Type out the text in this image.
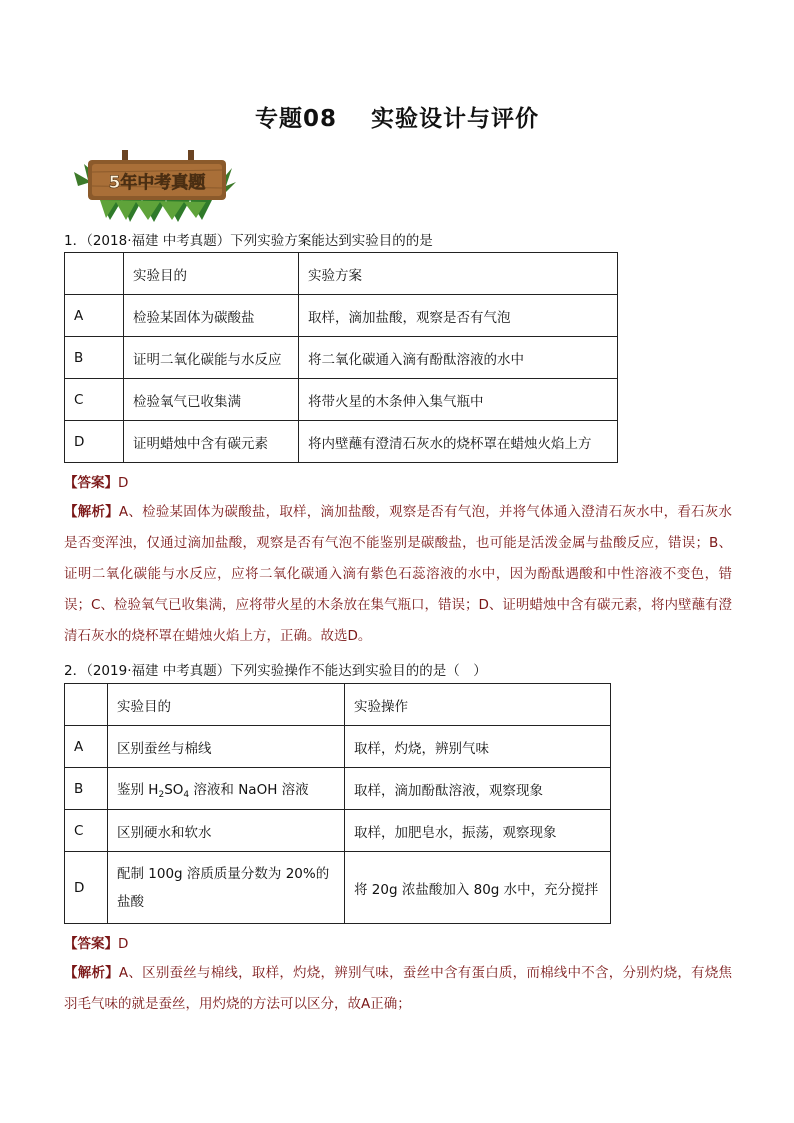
专题08 实验设计与评价
5年中考真题
1．（2018·福建 中考真题）下列实验方案能达到实验目的的是
	实验目的	实验方案
A	检验某固体为碳酸盐	取样，滴加盐酸，观察是否有气泡
B	证明二氧化碳能与水反应	将二氧化碳通入滴有酚酞溶液的水中
C	检验氧气已收集满	将带火星的木条伸入集气瓶中
D	证明蜡烛中含有碳元素	将内壁蘸有澄清石灰水的烧杯罩在蜡烛火焰上方
【答案】D
【解析】A、检验某固体为碳酸盐，取样，滴加盐酸，观察是否有气泡，并将气体通入澄清石灰水中，看石灰水是否变浑浊，仅通过滴加盐酸，观察是否有气泡不能鉴别是碳酸盐，也可能是活泼金属与盐酸反应，错误；B、证明二氧化碳能与水反应，应将二氧化碳通入滴有紫色石蕊溶液的水中，因为酚酞遇酸和中性溶液不变色，错误；C、检验氧气已收集满，应将带火星的木条放在集气瓶口，错误；D、证明蜡烛中含有碳元素，将内壁蘸有澄清石灰水的烧杯罩在蜡烛火焰上方，正确。故选D。
2．（2019·福建 中考真题）下列实验操作不能达到实验目的的是（　）
	实验目的	实验操作
A	区别蚕丝与棉线	取样，灼烧，辨别气味
B	鉴别 $H_2SO_4$ 溶液和 NaOH 溶液	取样，滴加酚酞溶液，观察现象
C	区别硬水和软水	取样，加肥皂水，振荡，观察现象
D	配制 100g 溶质质量分数为 20%的盐酸	将 20g 浓盐酸加入 80g 水中，充分搅拌
【答案】D
【解析】A、区别蚕丝与棉线，取样，灼烧，辨别气味，蚕丝中含有蛋白质，而棉线中不含，分别灼烧，有烧焦羽毛气味的就是蚕丝，用灼烧的方法可以区分，故A正确；
